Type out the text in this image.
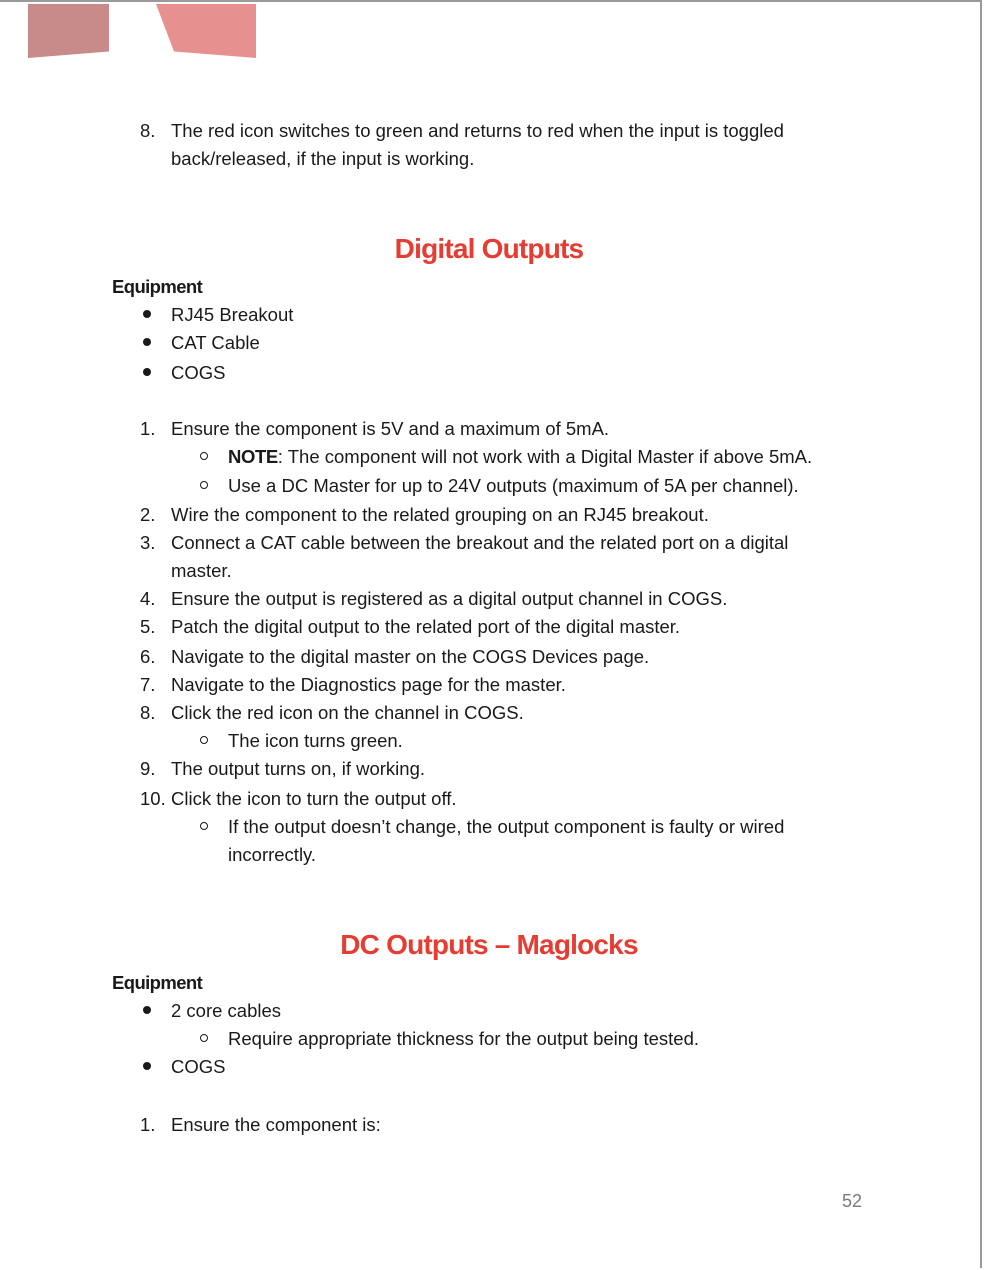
8. The red icon switches to green and returns to red when the input is toggled
back/released, if the input is working.
Digital Outputs
Equipment
RJ45 Breakout
CAT Cable
COGS
1. Ensure the component is 5V and a maximum of 5mA.
NOTE: The component will not work with a Digital Master if above 5mA.
Use a DC Master for up to 24V outputs (maximum of 5A per channel).
2. Wire the component to the related grouping on an RJ45 breakout.
3. Connect a CAT cable between the breakout and the related port on a digital
master.
4. Ensure the output is registered as a digital output channel in COGS.
5. Patch the digital output to the related port of the digital master.
6. Navigate to the digital master on the COGS Devices page.
7. Navigate to the Diagnostics page for the master.
8. Click the red icon on the channel in COGS.
The icon turns green.
9. The output turns on, if working.
10. Click the icon to turn the output off.
If the output doesn’t change, the output component is faulty or wired
incorrectly.
DC Outputs – Maglocks
Equipment
2 core cables
Require appropriate thickness for the output being tested.
COGS
1. Ensure the component is:
52
